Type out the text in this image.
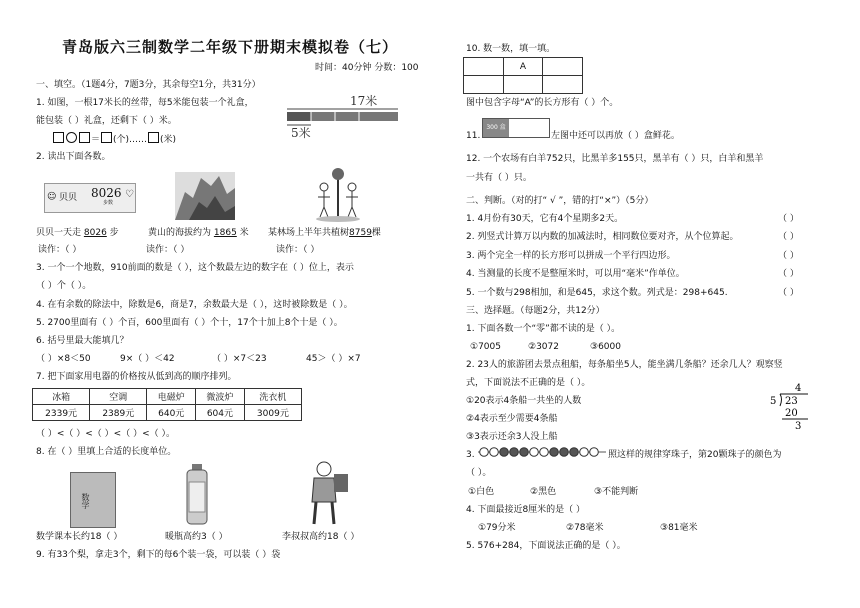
青岛版六三制数学二年级下册期末模拟卷（七）
时间：40分钟 分数：100
一、填空。（1题4分，7题3分，其余每空1分，共31分）
1. 如图，一根17米长的丝带，每5米能包装一个礼盒，
能包装（ ）礼盒，还剩下（ ）米。
＝ (个)…… (米)
17米
5米
2. 读出下面各数。
☺ 贝贝 8026
步数
♡
贝贝一天走 8026 步	黄山的海拔约为 1865 米 某林场上半年共植树8759棵
读作：（ ）	读作：（ ）	读作：（ ）
3. 一个一个地数，910前面的数是（ ），这个数最左边的数字在（ ）位上，表示
（ ）个（ ）。
4. 在有余数的除法中，除数是6，商是7，余数最大是（ ），这时被除数是（ ）。
5. 2700里面有（ ）个百，600里面有（ ）个十，17个十加上8个十是（ ）。
6. 括号里最大能填几？
（ ）×8＜50	9×（ ）＜42	（ ）×7＜23	45＞（ ）×7
7. 把下面家用电器的价格按从低到高的顺序排列。
冰箱	空调	电磁炉	微波炉	洗衣机
2339元	2389元	640元	604元	3009元
（ ）<（ ）<（ ）<（ ）<（ ）。
8. 在（ ）里填上合适的长度单位。
数学
数学课本长约18（ ）	暖瓶高约3（ ）	李叔叔高约18（ ）
9. 有33个梨，拿走3个，剩下的每6个装一袋，可以装（ ）袋
10. 数一数，填一填。
	A	

图中包含字母“A”的长方形有（ ）个。
11.
300 盒
左图中还可以再放（ ）盒鲜花。
12. 一个农场有白羊752只，比黑羊多155只，黑羊有（ ）只，白羊和黑羊
一共有（ ）只。
二、判断。（对的打“ √ ”，错的打“×”）（5分）
1. 4月份有30天，它有4个星期多2天。	（ ）
2. 列竖式计算万以内数的加减法时，相同数位要对齐，从个位算起。	（ ）
3. 两个完全一样的长方形可以拼成一个平行四边形。	（ ）
4. 当测量的长度不是整厘米时，可以用“毫米”作单位。	（ ）
5. 一个数与298相加，和是645，求这个数。列式是：298+645.	（ ）
三、选择题。（每题2分，共12分）
1. 下面各数一个“零”都不读的是（ ）。
①7005	②3072	③6000
2. 23人的旅游团去景点租船，每条船坐5人，能坐满几条船？还余几人？观察竖
式，下面说法不正确的是（ ）。
①20表示4条船一共坐的人数
②4表示至少需要4条船
③3表示还余3人没上船
4
5 23
20
3
3.	照这样的规律穿珠子，第20颗珠子的颜色为
（ ）。
①白色	②黑色	③不能判断
4. 下面最接近8厘米的是（ ）
①79分米	②78毫米	③81毫米
5. 576+284，下面说法正确的是（ ）。
